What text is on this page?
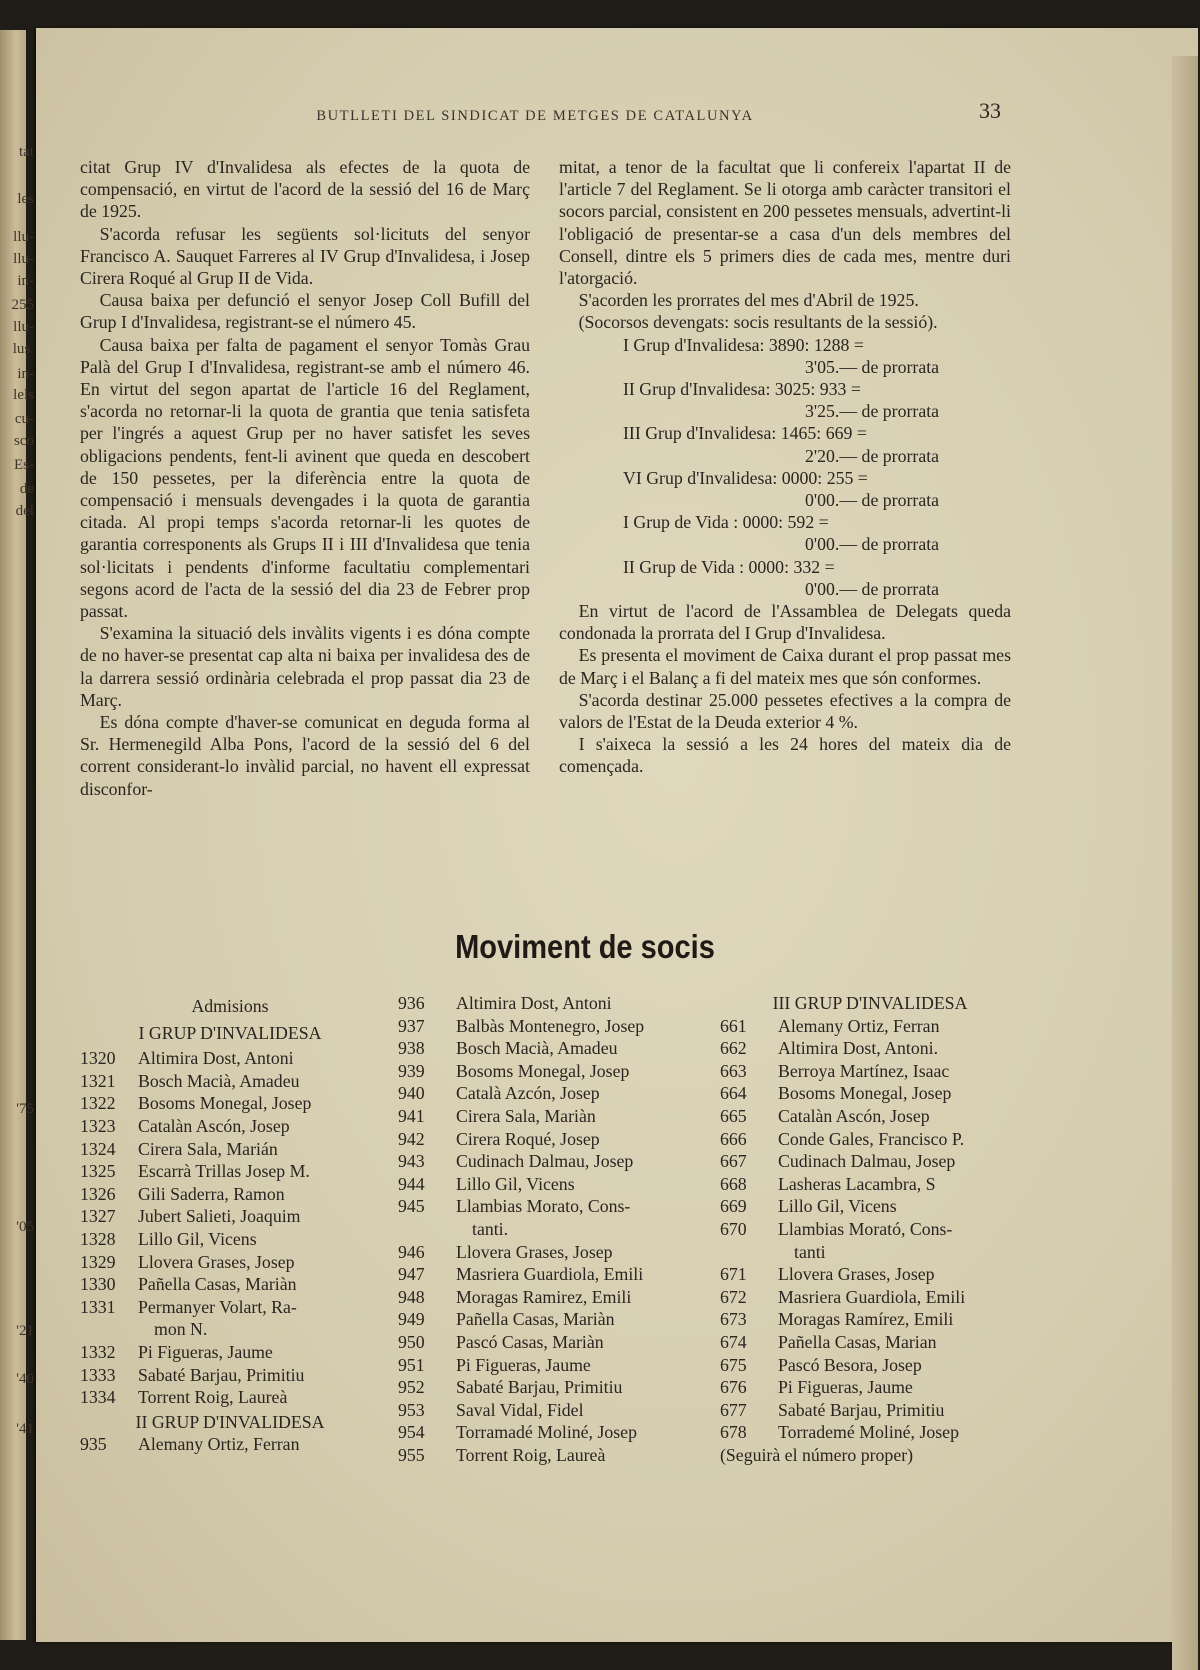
tat
les
llu-
llu-
in-
255
llu-
lus.
in-
lels
cu-
sco
Es-
de
del
'75
'05
'21
'40
'41
BUTLLETI DEL SINDICAT DE METGES DE CATALUNYA	33

citat Grup IV d'Invalidesa als efectes de la quota de compensació, en virtut de l'acord de la sessió del 16 de Març de 1925.

S'acorda refusar les següents sol·licituts del senyor Francisco A. Sauquet Farreres al IV Grup d'Invalidesa, i Josep Cirera Roqué al Grup II de Vida.

Causa baixa per defunció el senyor Josep Coll Bufill del Grup I d'Invalidesa, registrant-se el número 45.

Causa baixa per falta de pagament el senyor Tomàs Grau Palà del Grup I d'Invalidesa, registrant-se amb el número 46. En virtut del segon apartat de l'article 16 del Reglament, s'acorda no retornar-li la quota de grantia que tenia satisfeta per l'ingrés a aquest Grup per no haver satisfet les seves obligacions pendents, fent-li avinent que queda en descobert de 150 pessetes, per la diferència entre la quota de compensació i mensuals devengades i la quota de garantia citada. Al propi temps s'acorda retornar-li les quotes de garantia corresponents als Grups II i III d'Invalidesa que tenia sol·licitats i pendents d'informe facultatiu complementari segons acord de l'acta de la sessió del dia 23 de Febrer prop passat.

S'examina la situació dels invàlits vigents i es dóna compte de no haver-se presentat cap alta ni baixa per invalidesa des de la darrera sessió ordinària celebrada el prop passat dia 23 de Març.

Es dóna compte d'haver-se comunicat en deguda forma al Sr. Hermenegild Alba Pons, l'acord de la sessió del 6 del corrent considerant-lo invàlid parcial, no havent ell expressat disconfor-

mitat, a tenor de la facultat que li confereix l'apartat II de l'article 7 del Reglament. Se li otorga amb caràcter transitori el socors parcial, consistent en 200 pessetes mensuals, advertint-li l'obligació de presentar-se a casa d'un dels membres del Consell, dintre els 5 primers dies de cada mes, mentre duri l'atorgació.

S'acorden les prorrates del mes d'Abril de 1925.

(Socorsos devengats: socis resultants de la sessió).

I Grup d'Invalidesa: 3890: 1288 =
3'05.— de prorrata
II Grup d'Invalidesa: 3025: 933 =
3'25.— de prorrata
III Grup d'Invalidesa: 1465: 669 =
2'20.— de prorrata
VI Grup d'Invalidesa: 0000: 255 =
0'00.— de prorrata
I Grup de Vida : 0000: 592 =
0'00.— de prorrata
II Grup de Vida : 0000: 332 =
0'00.— de prorrata

En virtut de l'acord de l'Assamblea de Delegats queda condonada la prorrata del I Grup d'Invalidesa.

Es presenta el moviment de Caixa durant el prop passat mes de Març i el Balanç a fi del mateix mes que són conformes.

S'acorda destinar 25.000 pessetes efectives a la compra de valors de l'Estat de la Deuda exterior 4 %.

I s'aixeca la sessió a les 24 hores del mateix dia de començada.

Moviment de socis
Admisions
I GRUP D'INVALIDESA
1320	Altimira Dost, Antoni
1321	Bosch Macià, Amadeu
1322	Bosoms Monegal, Josep
1323	Catalàn Ascón, Josep
1324	Cirera Sala, Marián
1325	Escarrà Trillas Josep M.
1326	Gili Saderra, Ramon
1327	Jubert Salieti, Joaquim
1328	Lillo Gil, Vicens
1329	Llovera Grases, Josep
1330	Pañella Casas, Mariàn
1331	Permanyer Volart, Ra-
mon N.
1332	Pi Figueras, Jaume
1333	Sabaté Barjau, Primitiu
1334	Torrent Roig, Laureà
II GRUP D'INVALIDESA
935	Alemany Ortiz, Ferran
936	Altimira Dost, Antoni
937	Balbàs Montenegro, Josep
938	Bosch Macià, Amadeu
939	Bosoms Monegal, Josep
940	Català Azcón, Josep
941	Cirera Sala, Mariàn
942	Cirera Roqué, Josep
943	Cudinach Dalmau, Josep
944	Lillo Gil, Vicens
945	Llambias Morato, Cons-
tanti.
946	Llovera Grases, Josep
947	Masriera Guardiola, Emili
948	Moragas Ramirez, Emili
949	Pañella Casas, Mariàn
950	Pascó Casas, Mariàn
951	Pi Figueras, Jaume
952	Sabaté Barjau, Primitiu
953	Saval Vidal, Fidel
954	Torramadé Moliné, Josep
955	Torrent Roig, Laureà
III GRUP D'INVALIDESA
661	Alemany Ortiz, Ferran
662	Altimira Dost, Antoni.
663	Berroya Martínez, Isaac
664	Bosoms Monegal, Josep
665	Catalàn Ascón, Josep
666	Conde Gales, Francisco P.
667	Cudinach Dalmau, Josep
668	Lasheras Lacambra, S
669	Lillo Gil, Vicens
670	Llambias Morató, Cons-
tanti
671	Llovera Grases, Josep
672	Masriera Guardiola, Emili
673	Moragas Ramírez, Emili
674	Pañella Casas, Marian
675	Pascó Besora, Josep
676	Pi Figueras, Jaume
677	Sabaté Barjau, Primitiu
678	Torrademé Moliné, Josep
(Seguirà el número proper)
